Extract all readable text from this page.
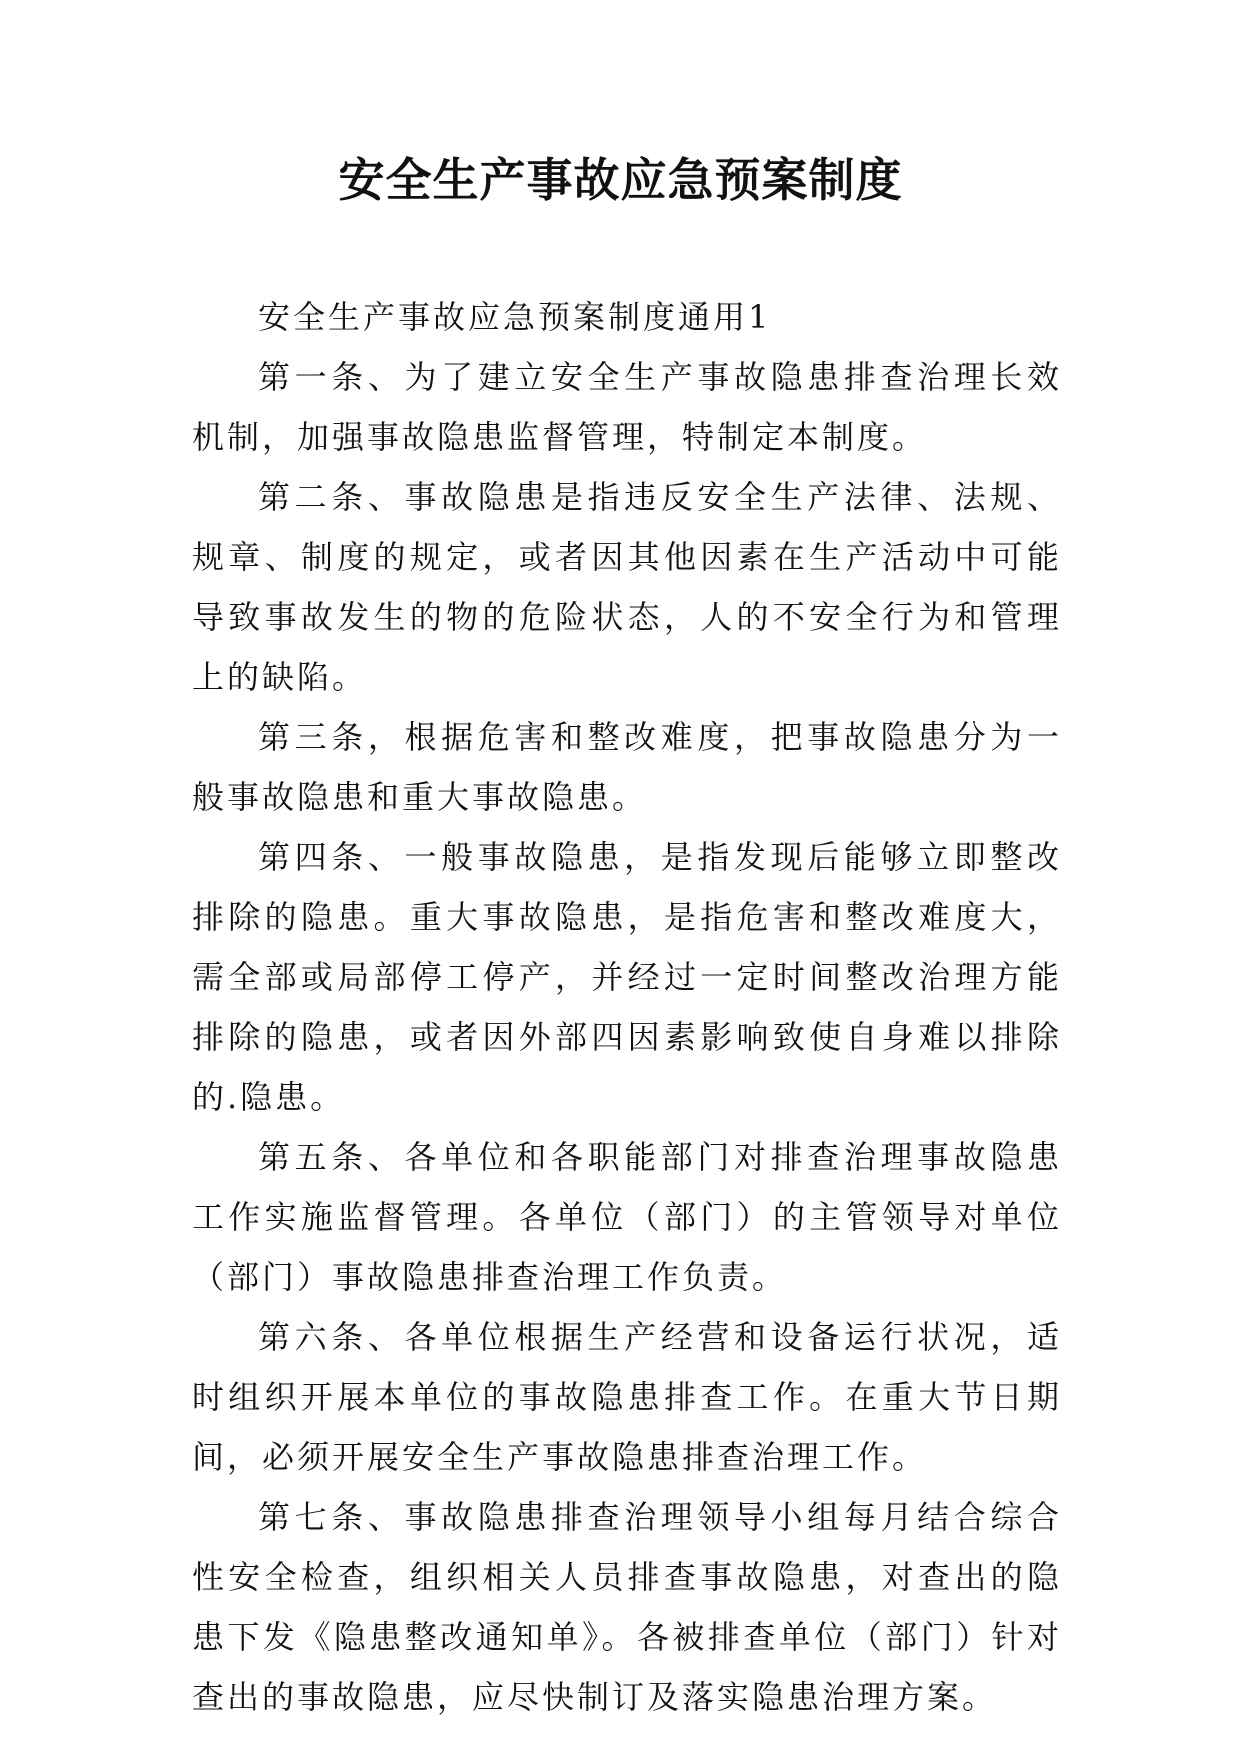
安全生产事故应急预案制度

安全生产事故应急预案制度通用1

第一条、为了建立安全生产事故隐患排查治理长效机制，加强事故隐患监督管理，特制定本制度。

第二条、事故隐患是指违反安全生产法律、法规、规章、制度的规定，或者因其他因素在生产活动中可能导致事故发生的物的危险状态，人的不安全行为和管理上的缺陷。

第三条，根据危害和整改难度，把事故隐患分为一般事故隐患和重大事故隐患。

第四条、一般事故隐患，是指发现后能够立即整改排除的隐患。重大事故隐患，是指危害和整改难度大，需全部或局部停工停产，并经过一定时间整改治理方能排除的隐患，或者因外部四因素影响致使自身难以排除的.隐患。

第五条、各单位和各职能部门对排查治理事故隐患工作实施监督管理。各单位（部门）的主管领导对单位（部门）事故隐患排查治理工作负责。

第六条、各单位根据生产经营和设备运行状况，适时组织开展本单位的事故隐患排查工作。在重大节日期间，必须开展安全生产事故隐患排查治理工作。

第七条、事故隐患排查治理领导小组每月结合综合性安全检查，组织相关人员排查事故隐患，对查出的隐患下发《隐患整改通知单》。各被排查单位（部门）针对查出的事故隐患，应尽快制订及落实隐患治理方案。
